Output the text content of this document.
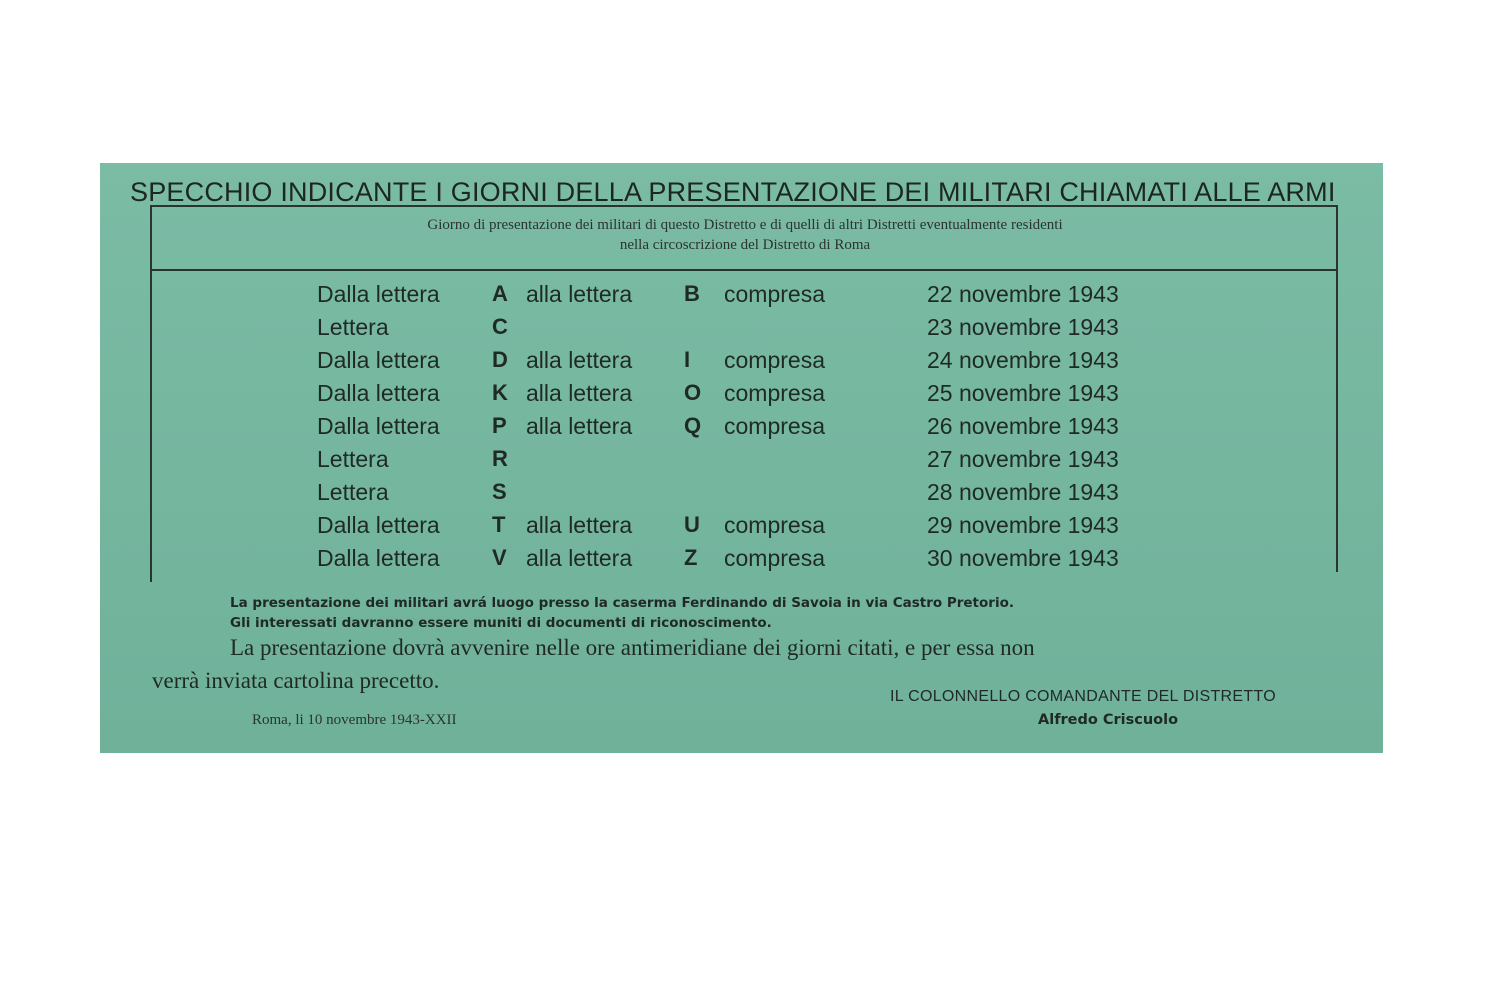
SPECCHIO INDICANTE I GIORNI DELLA PRESENTAZIONE DEI MILITARI CHIAMATI ALLE ARMI
Giorno di presentazione dei militari di questo Distretto e di quelli di altri Distretti eventualmente residenti
nella circoscrizione del Distretto di Roma
Dalla lettera A alla lettera B compresa	22 novembre 1943
Lettera	C	23 novembre 1943
Dalla lettera D alla lettera I compresa	24 novembre 1943
Dalla lettera K alla lettera O compresa	25 novembre 1943
Dalla lettera P alla lettera Q compresa	26 novembre 1943
Lettera	R	27 novembre 1943
Lettera	S	28 novembre 1943
Dalla lettera T alla lettera U compresa	29 novembre 1943
Dalla lettera V alla lettera Z compresa	30 novembre 1943
La presentazione dei militari avrá luogo presso la caserma Ferdinando di Savoia in via Castro Pretorio.
Gli interessati davranno essere muniti di documenti di riconoscimento.
La presentazione dovrà avvenire nelle ore antimeridiane dei giorni citati, e per essa non
verrà inviata cartolina precetto.
Roma, li 10 novembre 1943-XXII
IL COLONNELLO COMANDANTE DEL DISTRETTO
Alfredo Criscuolo
